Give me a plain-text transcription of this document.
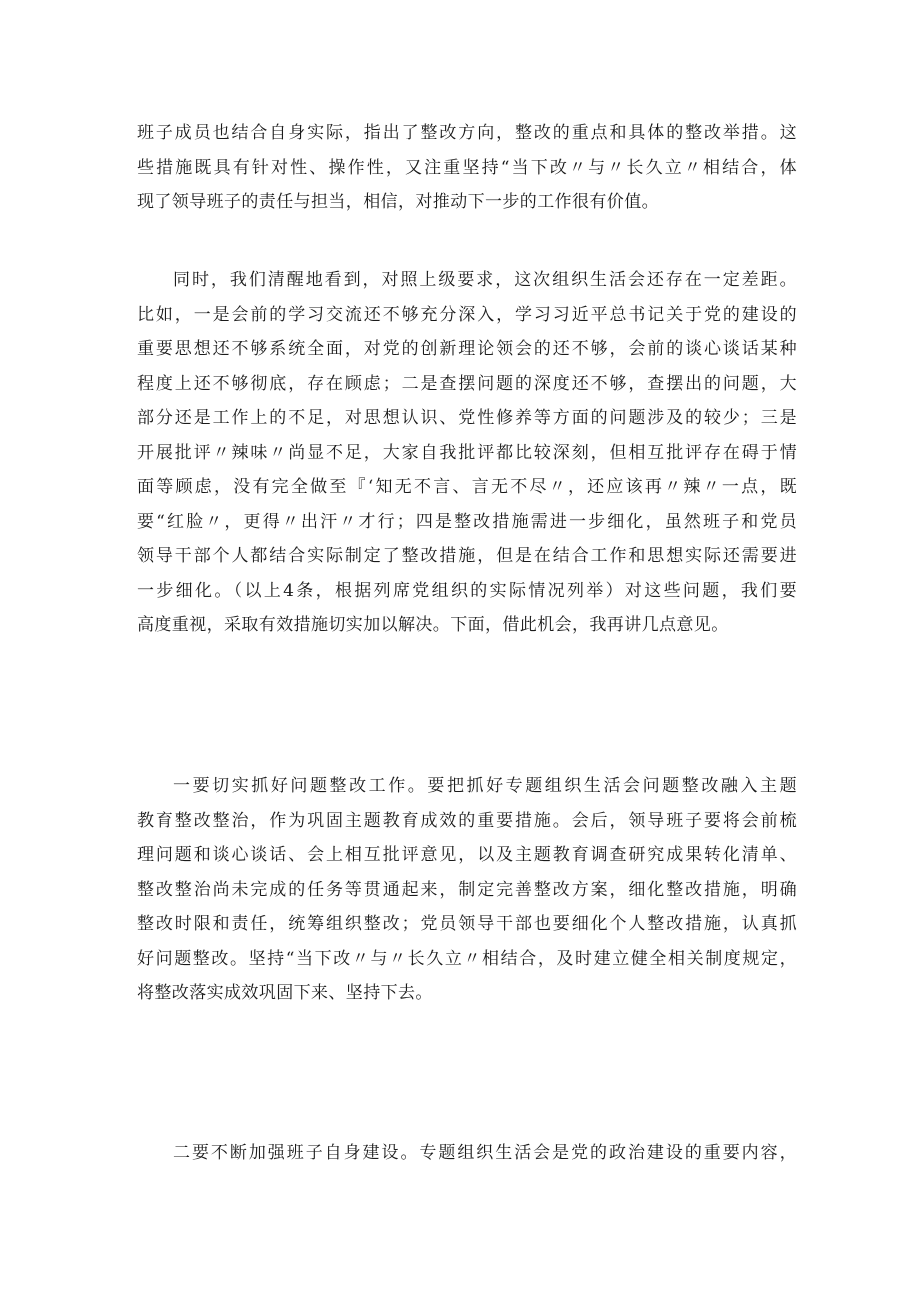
班子成员也结合自身实际，指出了整改方向，整改的重点和具体的整改举措。这
些措施既具有针对性、操作性，又注重坚持“当下改〃与〃长久立〃相结合，体
现了领导班子的责任与担当，相信，对推动下一步的工作很有价值。
同时，我们清醒地看到，对照上级要求，这次组织生活会还存在一定差距。
比如，一是会前的学习交流还不够充分深入，学习习近平总书记关于党的建设的
重要思想还不够系统全面，对党的创新理论领会的还不够，会前的谈心谈话某种
程度上还不够彻底，存在顾虑；二是查摆问题的深度还不够，查摆出的问题，大
部分还是工作上的不足，对思想认识、党性修养等方面的问题涉及的较少；三是
开展批评〃辣味〃尚显不足，大家自我批评都比较深刻，但相互批评存在碍于情
面等顾虑，没有完全做至『‘知无不言、言无不尽〃，还应该再〃辣〃一点，既
要“红脸〃，更得〃出汗〃才行；四是整改措施需进一步细化，虽然班子和党员
领导干部个人都结合实际制定了整改措施，但是在结合工作和思想实际还需要进
一步细化。（以上4条，根据列席党组织的实际情况列举）对这些问题，我们要
高度重视，采取有效措施切实加以解决。下面，借此机会，我再讲几点意见。
一要切实抓好问题整改工作。要把抓好专题组织生活会问题整改融入主题
教育整改整治，作为巩固主题教育成效的重要措施。会后，领导班子要将会前梳
理问题和谈心谈话、会上相互批评意见，以及主题教育调查研究成果转化清单、
整改整治尚未完成的任务等贯通起来，制定完善整改方案，细化整改措施，明确
整改时限和责任，统筹组织整改；党员领导干部也要细化个人整改措施，认真抓
好问题整改。坚持“当下改〃与〃长久立〃相结合，及时建立健全相关制度规定，
将整改落实成效巩固下来、坚持下去。
二要不断加强班子自身建设。专题组织生活会是党的政治建设的重要内容，
